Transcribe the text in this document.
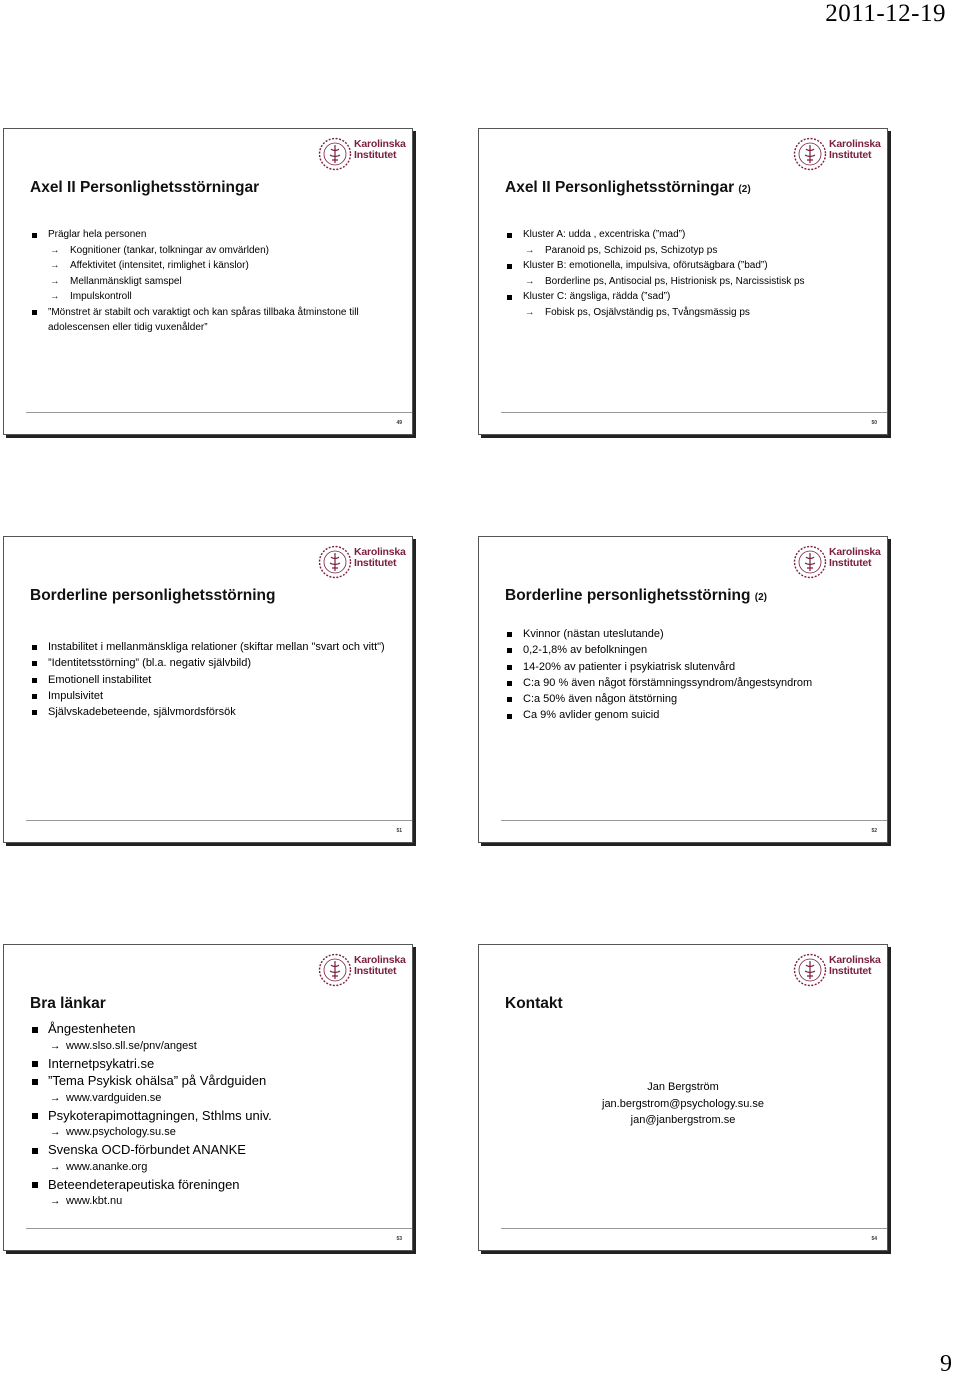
2011-12-19
Karolinska
Institutet
Axel II Personlighetsstörningar
Präglar hela personen
→ Kognitioner (tankar, tolkningar av omvärlden)
→ Affektivitet (intensitet, rimlighet i känslor)
→ Mellanmänskligt samspel
→ Impulskontroll
”Mönstret är stabilt och varaktigt och kan spåras tillbaka åtminstone till adolescensen eller tidig vuxenålder”
49
Karolinska
Institutet
Axel II Personlighetsstörningar (2)
Kluster A: udda , excentriska (”mad”)
→ Paranoid ps, Schizoid ps, Schizotyp ps
Kluster B: emotionella, impulsiva, oförutsägbara (”bad”)
→ Borderline ps, Antisocial ps, Histrionisk ps, Narcissistisk ps
Kluster C: ängsliga, rädda (”sad”)
→ Fobisk ps, Osjälvständig ps, Tvångsmässig ps
50
Karolinska
Institutet
Borderline personlighetsstörning
Instabilitet i mellanmänskliga relationer (skiftar mellan "svart och vitt")
”Identitetsstörning” (bl.a. negativ självbild)
Emotionell instabilitet
Impulsivitet
Självskadebeteende, självmordsförsök
51
Karolinska
Institutet
Borderline personlighetsstörning (2)
Kvinnor (nästan uteslutande)
0,2-1,8% av befolkningen
14-20% av patienter i psykiatrisk slutenvård
C:a 90 % även något förstämningssyndrom/ångestsyndrom
C:a 50% även någon ätstörning
Ca 9% avlider genom suicid
52
Karolinska
Institutet
Bra länkar
Ångestenheten
→ www.slso.sll.se/pnv/angest
Internetpsykatri.se
”Tema Psykisk ohälsa” på Vårdguiden
→ www.vardguiden.se
Psykoterapimottagningen, Sthlms univ.
→ www.psychology.su.se
Svenska OCD-förbundet ANANKE
→ www.ananke.org
Beteendeterapeutiska föreningen
→ www.kbt.nu
53
Karolinska
Institutet
Kontakt
Jan Bergström
jan.bergstrom@psychology.su.se
jan@janbergstrom.se
54
9
